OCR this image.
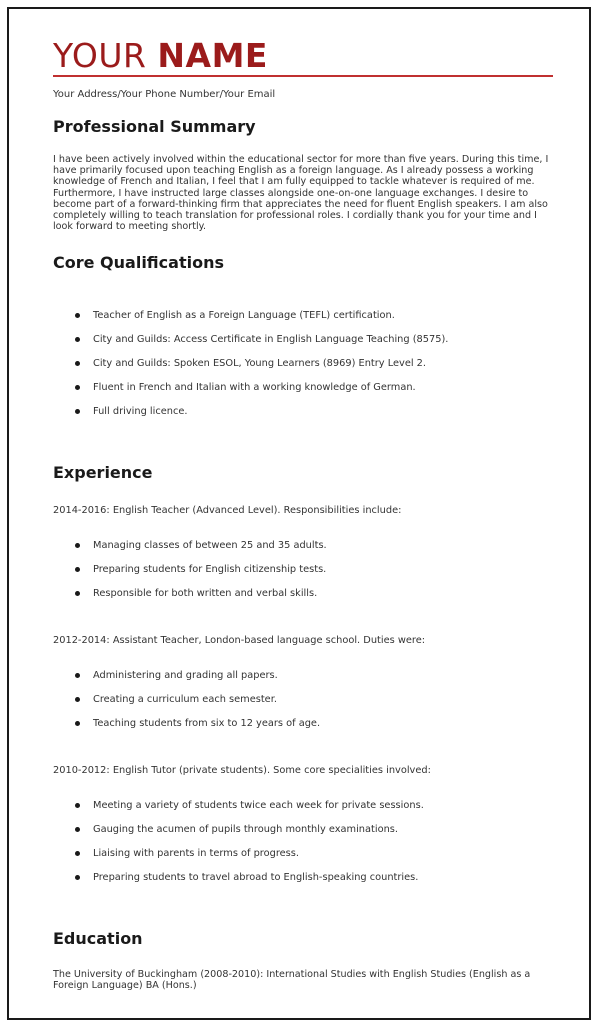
YOUR NAME
Your Address/Your Phone Number/Your Email
Professional Summary
I have been actively involved within the educational sector for more than five years. During this time, I have primarily focused upon teaching English as a foreign language. As I already possess a working knowledge of French and Italian, I feel that I am fully equipped to tackle whatever is required of me. Furthermore, I have instructed large classes alongside one-on-one language exchanges. I desire to become part of a forward-thinking firm that appreciates the need for fluent English speakers. I am also completely willing to teach translation for professional roles. I cordially thank you for your time and I look forward to meeting shortly.
Core Qualifications
Teacher of English as a Foreign Language (TEFL) certification.
City and Guilds: Access Certificate in English Language Teaching (8575).
City and Guilds: Spoken ESOL, Young Learners (8969) Entry Level 2.
Fluent in French and Italian with a working knowledge of German.
Full driving licence.
Experience
2014-2016: English Teacher (Advanced Level). Responsibilities include:
Managing classes of between 25 and 35 adults.
Preparing students for English citizenship tests.
Responsible for both written and verbal skills.
2012-2014: Assistant Teacher, London-based language school. Duties were:
Administering and grading all papers.
Creating a curriculum each semester.
Teaching students from six to 12 years of age.
2010-2012: English Tutor (private students). Some core specialities involved:
Meeting a variety of students twice each week for private sessions.
Gauging the acumen of pupils through monthly examinations.
Liaising with parents in terms of progress.
Preparing students to travel abroad to English-speaking countries.
Education
The University of Buckingham (2008-2010): International Studies with English Studies (English as a Foreign Language) BA (Hons.)
